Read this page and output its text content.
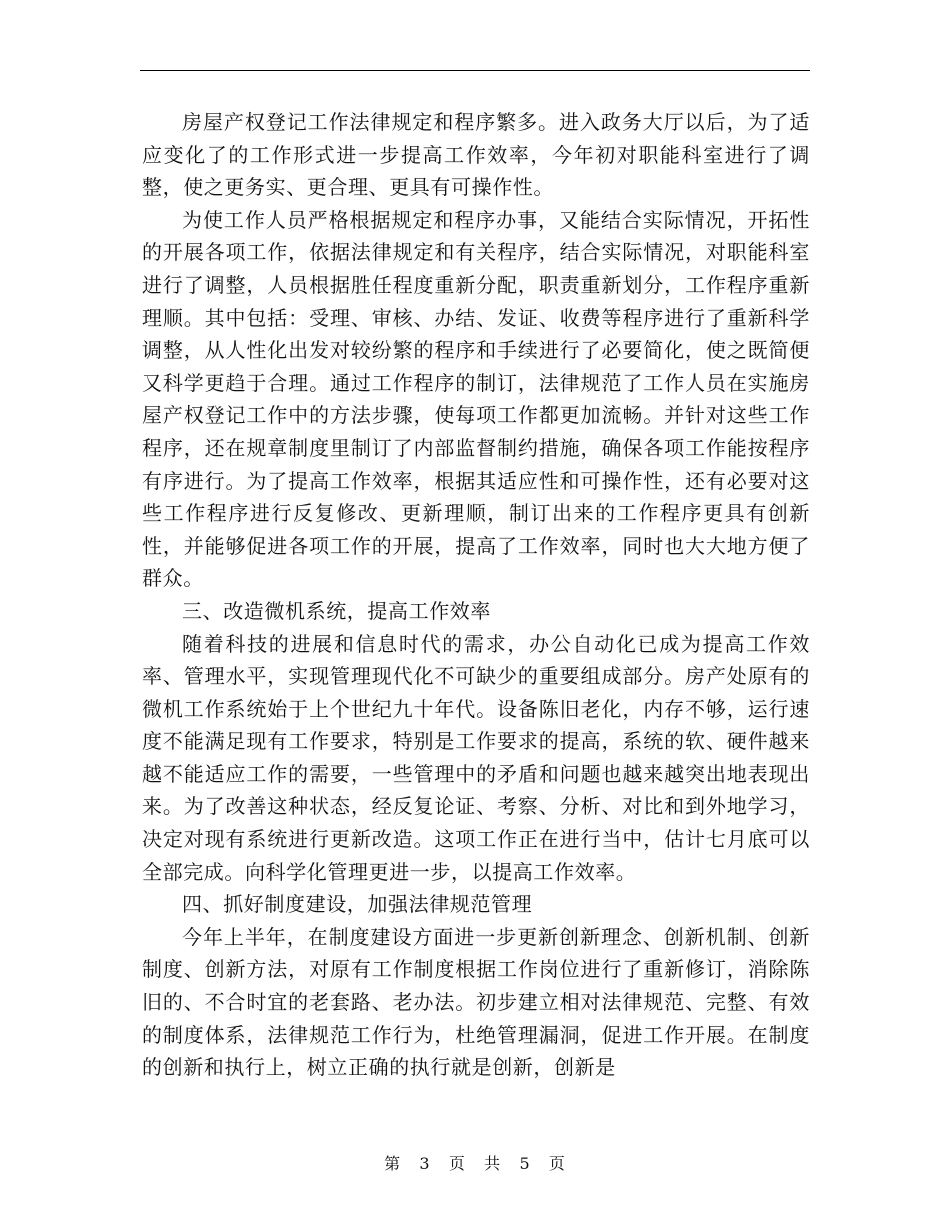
房屋产权登记工作法律规定和程序繁多。进入政务大厅以后，为了适应变化了的工作形式进一步提高工作效率，今年初对职能科室进行了调整，使之更务实、更合理、更具有可操作性。

为使工作人员严格根据规定和程序办事，又能结合实际情况，开拓性的开展各项工作，依据法律规定和有关程序，结合实际情况，对职能科室进行了调整，人员根据胜任程度重新分配，职责重新划分，工作程序重新理顺。其中包括：受理、审核、办结、发证、收费等程序进行了重新科学调整，从人性化出发对较纷繁的程序和手续进行了必要简化，使之既简便又科学更趋于合理。通过工作程序的制订，法律规范了工作人员在实施房屋产权登记工作中的方法步骤，使每项工作都更加流畅。并针对这些工作程序，还在规章制度里制订了内部监督制约措施，确保各项工作能按程序有序进行。为了提高工作效率，根据其适应性和可操作性，还有必要对这些工作程序进行反复修改、更新理顺，制订出来的工作程序更具有创新性，并能够促进各项工作的开展，提高了工作效率，同时也大大地方便了群众。

三、改造微机系统，提高工作效率

随着科技的进展和信息时代的需求，办公自动化已成为提高工作效率、管理水平，实现管理现代化不可缺少的重要组成部分。房产处原有的微机工作系统始于上个世纪九十年代。设备陈旧老化，内存不够，运行速度不能满足现有工作要求，特别是工作要求的提高，系统的软、硬件越来越不能适应工作的需要，一些管理中的矛盾和问题也越来越突出地表现出来。为了改善这种状态，经反复论证、考察、分析、对比和到外地学习，决定对现有系统进行更新改造。这项工作正在进行当中，估计七月底可以全部完成。向科学化管理更进一步，以提高工作效率。

四、抓好制度建设，加强法律规范管理

今年上半年，在制度建设方面进一步更新创新理念、创新机制、创新制度、创新方法，对原有工作制度根据工作岗位进行了重新修订，消除陈旧的、不合时宜的老套路、老办法。初步建立相对法律规范、完整、有效的制度体系，法律规范工作行为，杜绝管理漏洞，促进工作开展。在制度的创新和执行上，树立正确的执行就是创新，创新是

第 3 页 共 5 页
